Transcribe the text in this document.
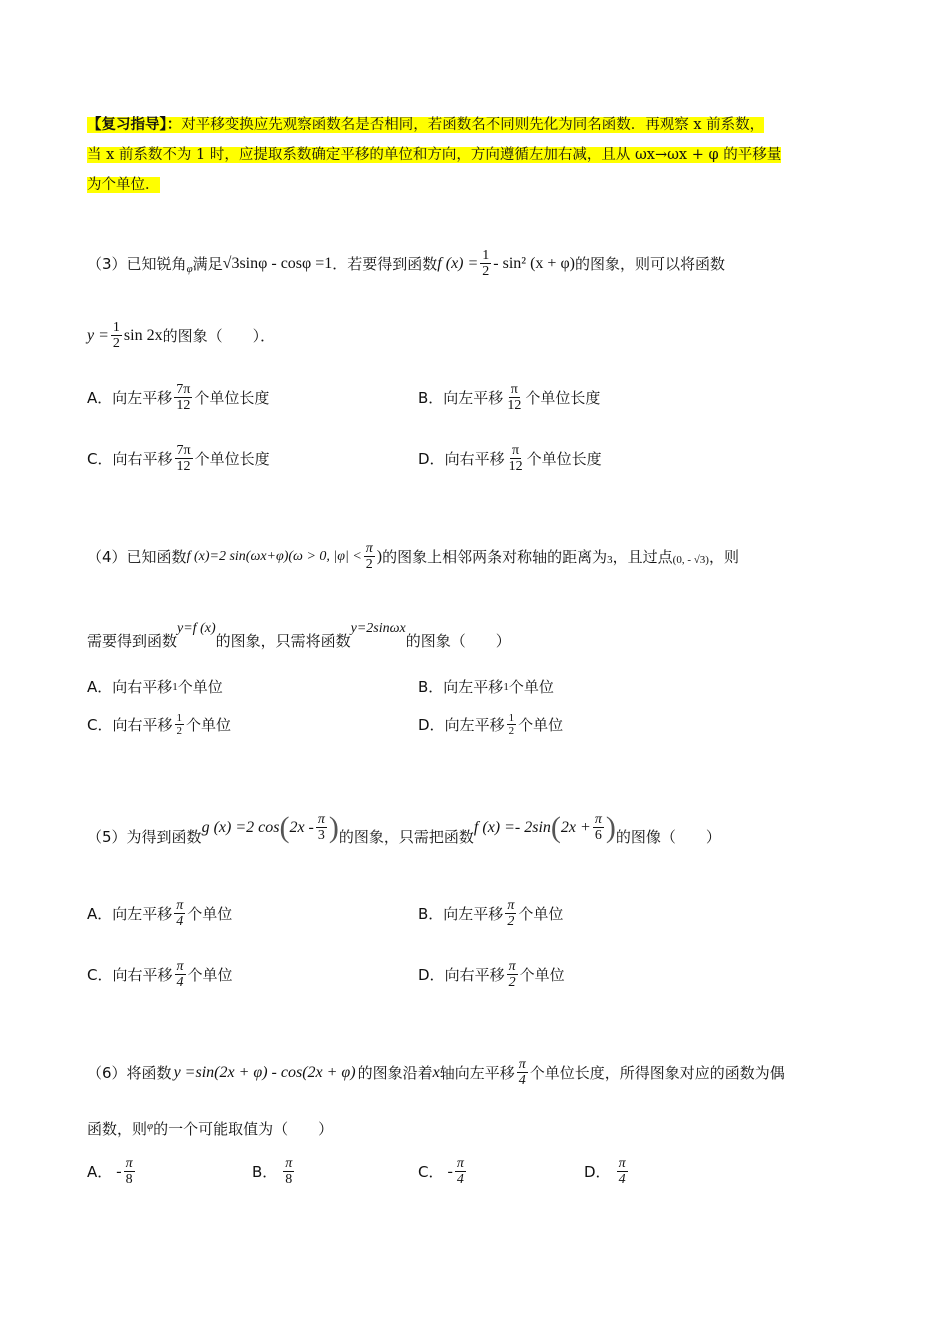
【复习指导】：对平移变换应先观察函数名是否相同，若函数名不同则先化为同名函数．再观察 x 前系数，
当 x 前系数不为 1 时，应提取系数确定平移的单位和方向，方向遵循左加右减，且从 ωx→ωx + φ 的平移量
为个单位．
（3） 已知锐角 φ 满足 √3sinφ - cosφ =1 ．若要得到函数 f $(x) = \frac{1}{2} - \sin^2$ (x + φ) 的图象，则可以将函数
$y = \frac{1}{2}$ sin 2x 的图象（　　）．
A． 向左平移 $\frac{7\pi}{12}$ 个单位长度	B． 向左平移 $\frac{\pi}{12}$ 个单位长度
C． 向右平移 $\frac{7\pi}{12}$ 个单位长度	D． 向右平移 $\frac{\pi}{12}$ 个单位长度
（4） 已知函数 f (x)=2 sin(ωx+φ)(ω > 0, $|\varphi| < \frac{\pi}{2}$ ) 的图象上相邻两条对称轴的距离为 3 ，且过点 (0, - √3) ，则
需要得到函数
y=f (x)
的图象，只需将函数
y=2sinωx
的图象（　　）
A． 向右平移 1 个单位	B． 向左平移 1 个单位
C． 向右平移 $\frac{1}{2}$ 个单位	D． 向左平移 $\frac{1}{2}$ 个单位
（5） 为得到函数
g (x) =2 cos ( $2x - \frac{\pi}{3}$ ) 的图象，只需把函数
f (x) =- 2sin ( $2x + \frac{\pi}{6}$ ) 的图像（　　）
A． 向左平移 $\frac{\pi}{4}$ 个单位	B． 向左平移 $\frac{\pi}{2}$ 个单位
C． 向右平移 $\frac{\pi}{4}$ 个单位	D． 向右平移 $\frac{\pi}{2}$ 个单位
（6） 将函数 y =sin(2x + φ) - cos(2x + φ) 的图象沿着 x 轴向左平移 $\frac{\pi}{4}$ 个单位长度，所得图象对应的函数为偶
函数，则 φ 的一个可能取值为（　　）
A． - $\frac{\pi}{8}$	B． $\frac{\pi}{8}$	C． - $\frac{\pi}{4}$	D． $\frac{\pi}{4}$
